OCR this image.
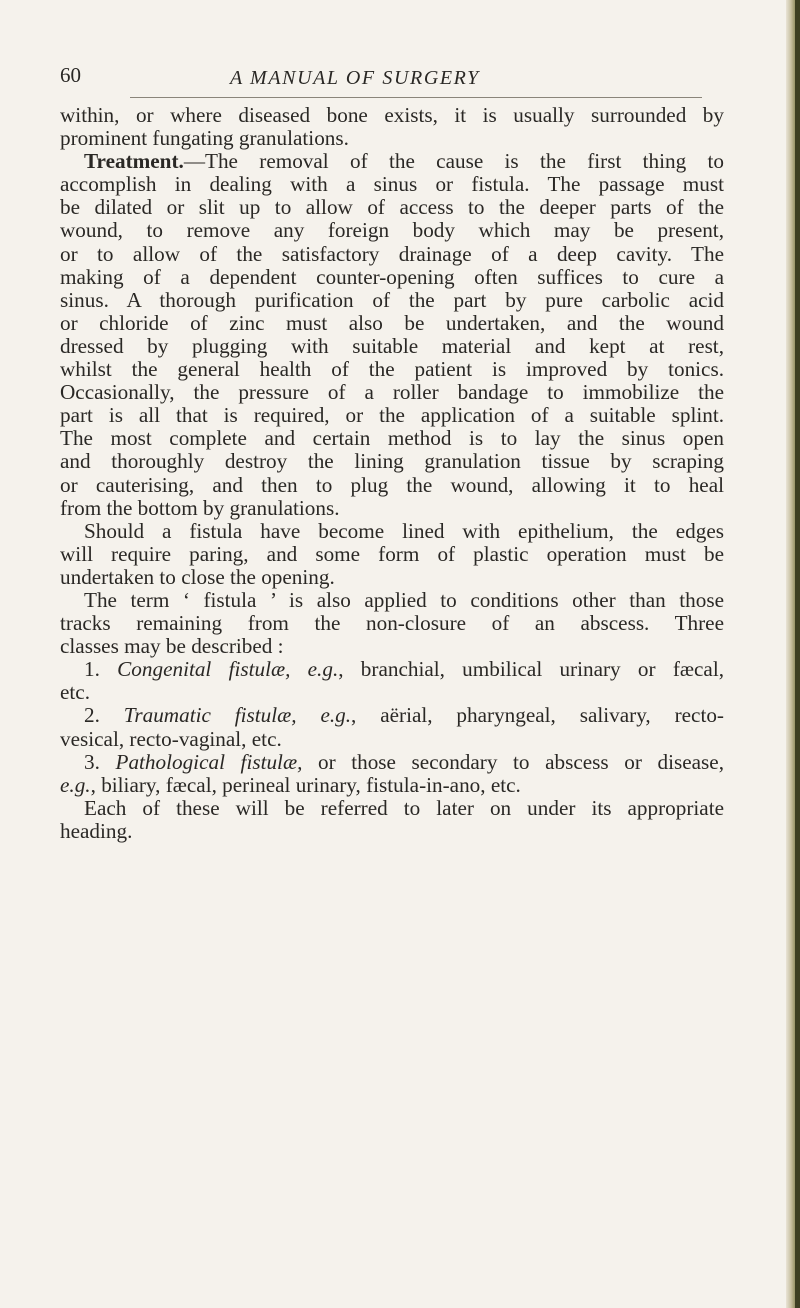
60	A MANUAL OF SURGERY
within, or where diseased bone exists, it is usually surrounded by
prominent fungating granulations.
Treatment.—The removal of the cause is the first thing to
accomplish in dealing with a sinus or fistula. The passage must
be dilated or slit up to allow of access to the deeper parts of the
wound, to remove any foreign body which may be present,
or to allow of the satisfactory drainage of a deep cavity. The
making of a dependent counter-opening often suffices to cure a
sinus. A thorough purification of the part by pure carbolic acid
or chloride of zinc must also be undertaken, and the wound
dressed by plugging with suitable material and kept at rest,
whilst the general health of the patient is improved by tonics.
Occasionally, the pressure of a roller bandage to immobilize the
part is all that is required, or the application of a suitable splint.
The most complete and certain method is to lay the sinus open
and thoroughly destroy the lining granulation tissue by scraping
or cauterising, and then to plug the wound, allowing it to heal
from the bottom by granulations.
Should a fistula have become lined with epithelium, the edges
will require paring, and some form of plastic operation must be
undertaken to close the opening.
The term ‘ fistula ’ is also applied to conditions other than those
tracks remaining from the non-closure of an abscess. Three
classes may be described :
1. Congenital fistulæ, e.g., branchial, umbilical urinary or fæcal,
etc.
2. Traumatic fistulæ, e.g., aërial, pharyngeal, salivary, recto-
vesical, recto-vaginal, etc.
3. Pathological fistulæ, or those secondary to abscess or disease,
e.g., biliary, fæcal, perineal urinary, fistula-in-ano, etc.
Each of these will be referred to later on under its appropriate
heading.
